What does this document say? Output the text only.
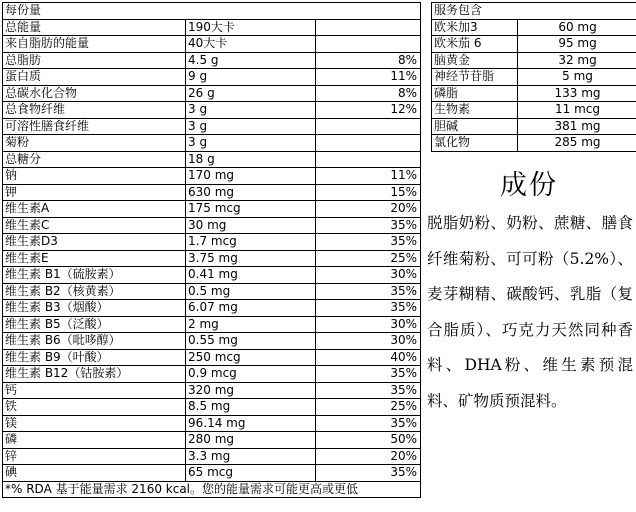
每份量		
总能量	190大卡	
来自脂肪的能量	40大卡	
总脂肪	4.5 g	8%
蛋白质	9 g	11%
总碳水化合物	26 g	8%
总食物纤维	3 g	12%
可溶性膳食纤维	3 g	
菊粉	3 g	
总糖分	18 g	
钠	170 mg	11%
钾	630 mg	15%
维生素A	175 mcg	20%
维生素C	30 mg	35%
维生素D3	1.7 mcg	35%
维生素E	3.75 mg	25%
维生素 B1（硫胺素）	0.41 mg	30%
维生素 B2（核黄素）	0.5 mg	35%
维生素 B3（烟酸）	6.07 mg	35%
维生素 B5（泛酸）	2 mg	30%
维生素 B6（吡哆醇）	0.55 mg	30%
维生素 B9（叶酸）	250 mcg	40%
维生素 B12（钴胺素）	0.9 mcg	35%
钙	320 mg	35%
铁	8.5 mg	25%
镁	96.14 mg	35%
磷	280 mg	50%
锌	3.3 mg	20%
碘	65 mcg	35%
*% RDA 基于能量需求 2160 kcal。您的能量需求可能更高或更低		
服务包含	
欧米加3	60 mg
欧米茄 6	95 mg
脑黄金	32 mg
神经节苷脂	5 mg
磷脂	133 mg
生物素	11 mcg
胆碱	381 mg
氯化物	285 mg
成份
脱脂奶粉、奶粉、蔗糖、膳食纤维菊粉、可可粉（5.2%）、麦芽糊精、碳酸钙、乳脂（复合脂质）、巧克力天然同种香料、DHA粉、维生素预混料、矿物质预混料。
